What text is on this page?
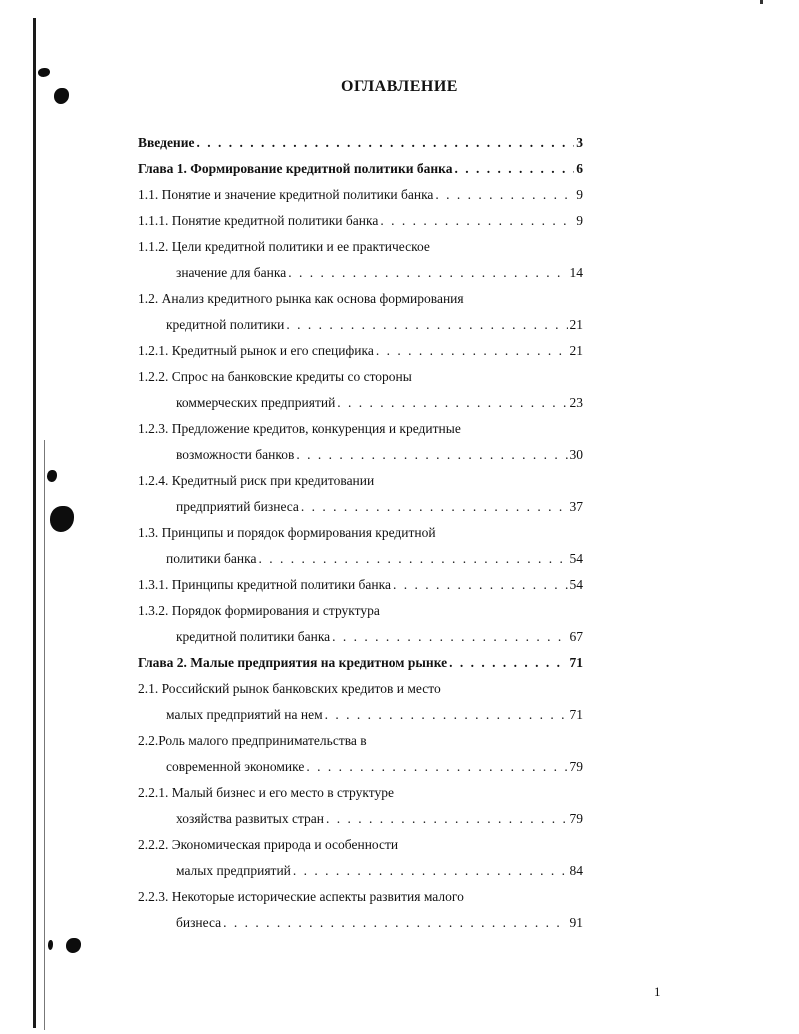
ОГЛАВЛЕНИЕ
Введение . . .	3
Глава 1. Формирование кредитной политики банка . . .	6
1.1. Понятие и значение кредитной политики банка . . .	9
1.1.1. Понятие кредитной политики банка . . .	9
1.1.2. Цели кредитной политики и ее практическое
значение для банка . . .	14
1.2. Анализ кредитного рынка как основа формирования
кредитной политики . . .	21
1.2.1. Кредитный рынок и его специфика . . .	21
1.2.2. Спрос на банковские кредиты со стороны
коммерческих предприятий . . .	23
1.2.3. Предложение кредитов, конкуренция и кредитные
возможности банков . . .	30
1.2.4. Кредитный риск при кредитовании
предприятий бизнеса . . .	37
1.3. Принципы и порядок формирования кредитной
политики банка . . .	54
1.3.1. Принципы кредитной политики банка . . .	54
1.3.2. Порядок формирования и структура
кредитной политики банка . . .	67
Глава 2. Малые предприятия на кредитном рынке . . .	71
2.1. Российский рынок банковских кредитов и место
малых предприятий на нем . . .	71
2.2.Роль малого предпринимательства в
современной экономике . . .	79
2.2.1. Малый бизнес и его место в структуре
хозяйства развитых стран . . .	79
2.2.2. Экономическая природа и особенности
малых предприятий . . .	84
2.2.3. Некоторые исторические аспекты развития малого
бизнеса . . .	91
1
